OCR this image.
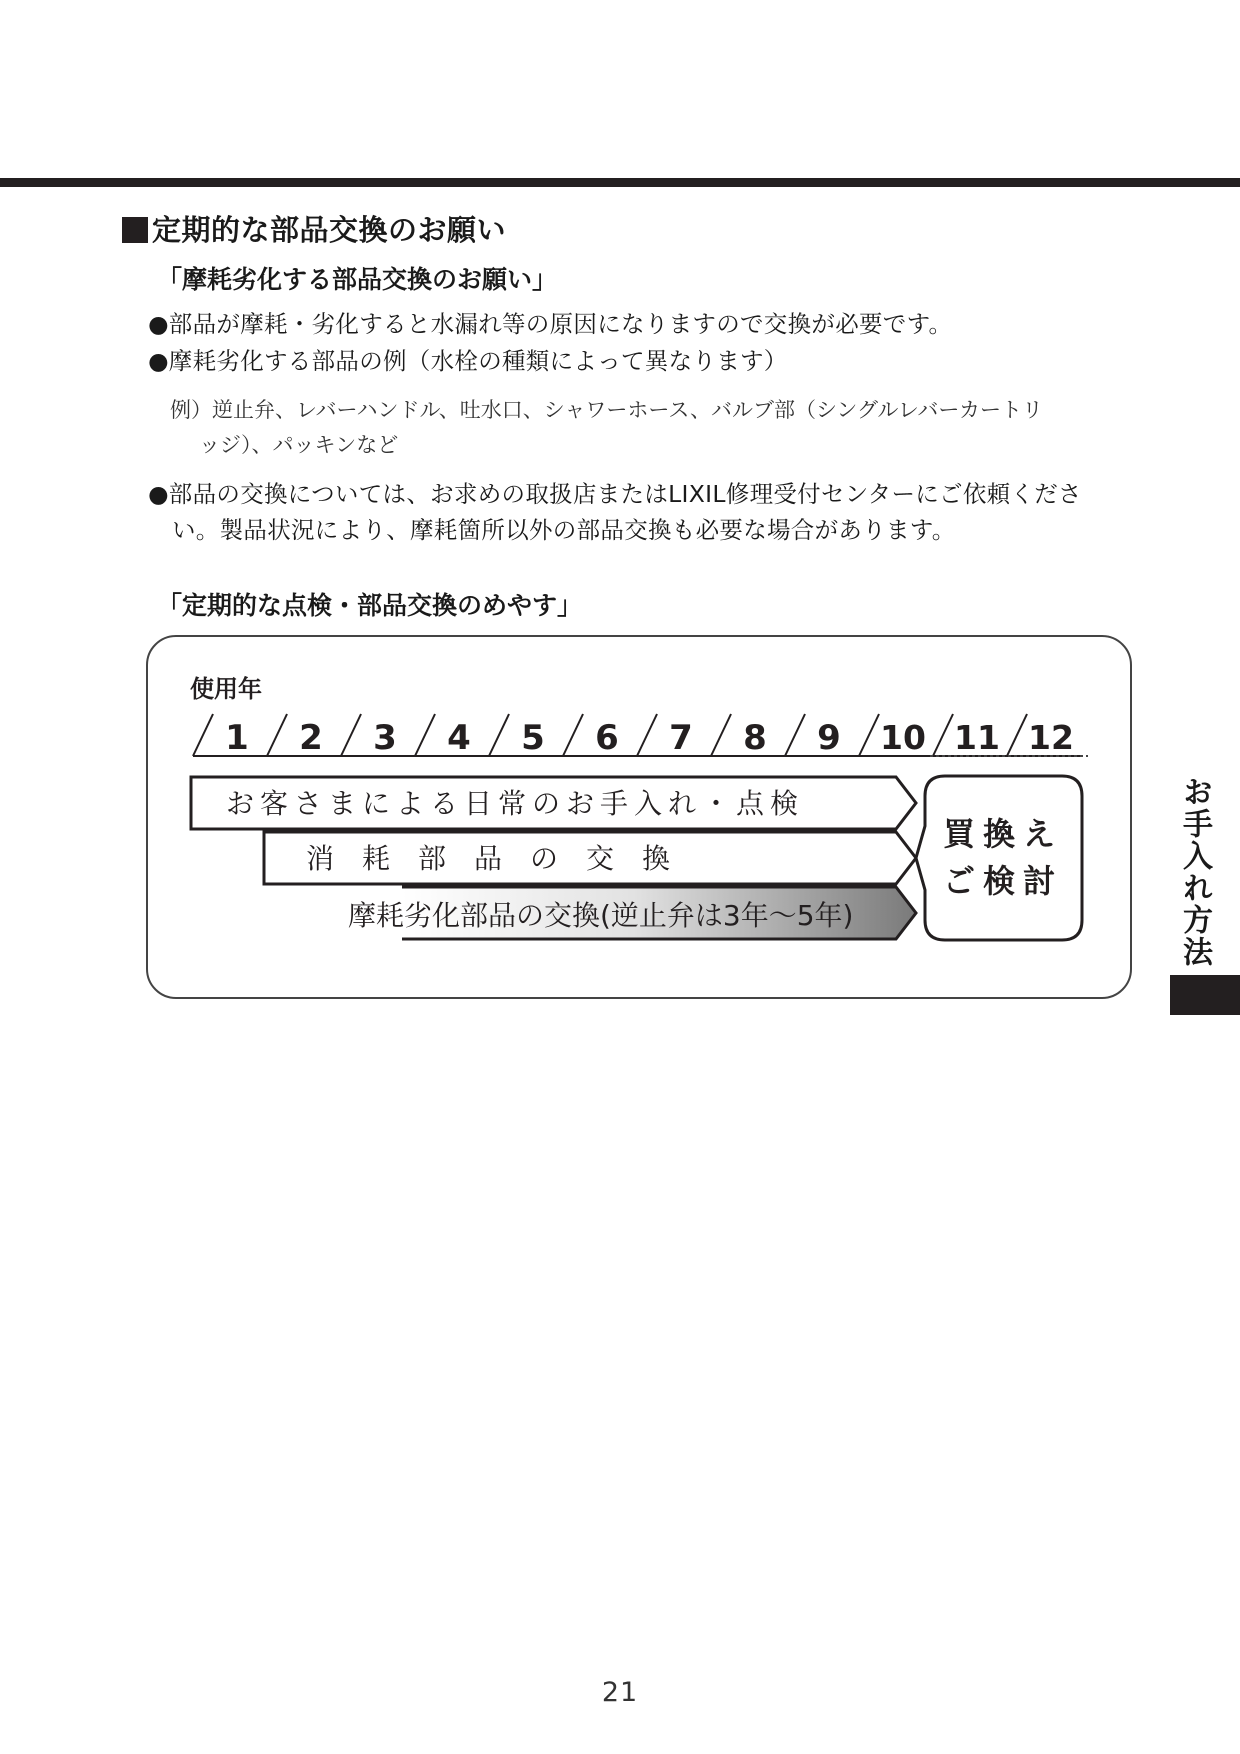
定期的な部品交換のお願い
「摩耗劣化する部品交換のお願い」
●部品が摩耗・劣化すると水漏れ等の原因になりますので交換が必要です。
●摩耗劣化する部品の例（水栓の種類によって異なります）
例）逆止弁、レバーハンドル、吐水口、シャワーホース、バルブ部（シングルレバーカートリ
ッジ）、パッキンなど
●部品の交換については、お求めの取扱店またはLIXIL修理受付センターにご依頼くださ
い。製品状況により、摩耗箇所以外の部品交換も必要な場合があります。
「定期的な点検・部品交換のめやす」
使用年
1 2 3 4 5 6 7 8 9 10 11 12
お客さまによる日常のお手入れ・点検
消　耗　部　品　の　交　換
摩耗劣化部品の交換(逆止弁は3年〜5年)
買換え
ご検討	お手入れ方法
21
